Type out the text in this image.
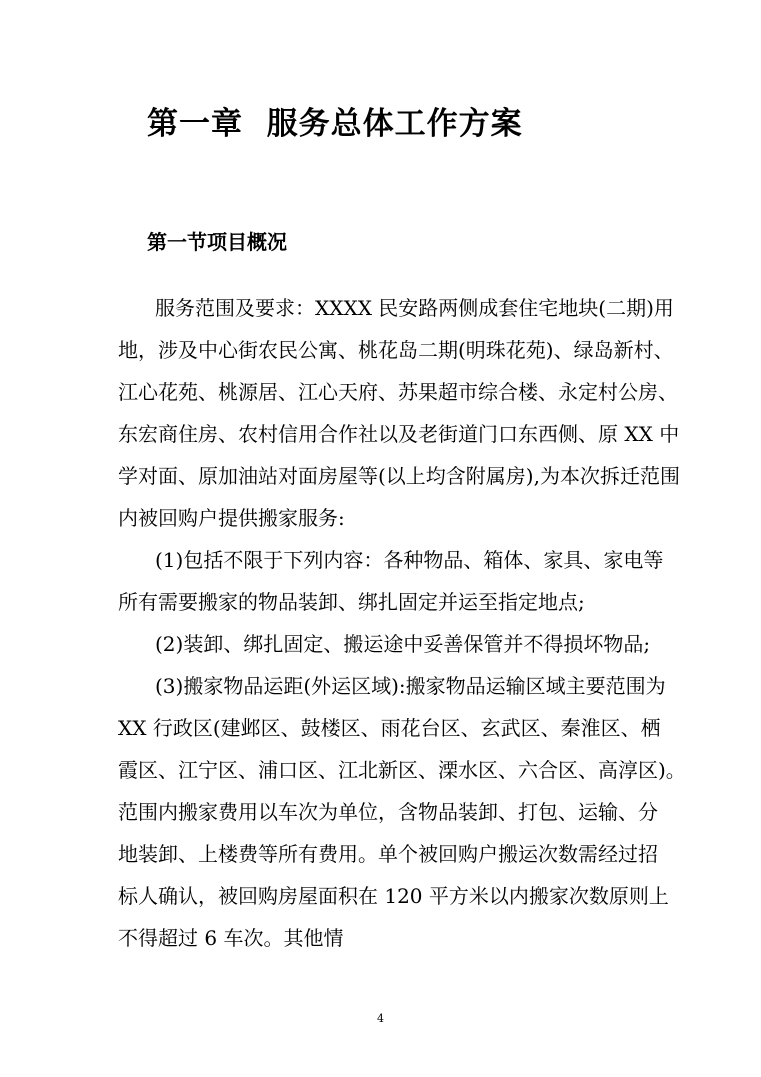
第一章  服务总体工作方案
第一节项目概况
服务范围及要求：XXXX 民安路两侧成套住宅地块(二期)用
地，涉及中心街农民公寓、桃花岛二期(明珠花苑)、绿岛新村、
江心花苑、桃源居、江心天府、苏果超市综合楼、永定村公房、
东宏商住房、农村信用合作社以及老街道门口东西侧、原 XX 中
学对面、原加油站对面房屋等(以上均含附属房),为本次拆迁范围
内被回购户提供搬家服务:
(1)包括不限于下列内容：各种物品、箱体、家具、家电等
所有需要搬家的物品装卸、绑扎固定并运至指定地点;
(2)装卸、绑扎固定、搬运途中妥善保管并不得损坏物品;
(3)搬家物品运距(外运区域):搬家物品运输区域主要范围为
XX 行政区(建邺区、鼓楼区、雨花台区、玄武区、秦淮区、栖
霞区、江宁区、浦口区、江北新区、溧水区、六合区、高淳区)。
范围内搬家费用以车次为单位，含物品装卸、打包、运输、分
地装卸、上楼费等所有费用。单个被回购户搬运次数需经过招
标人确认，被回购房屋面积在 120 平方米以内搬家次数原则上
不得超过 6 车次。其他情
4
